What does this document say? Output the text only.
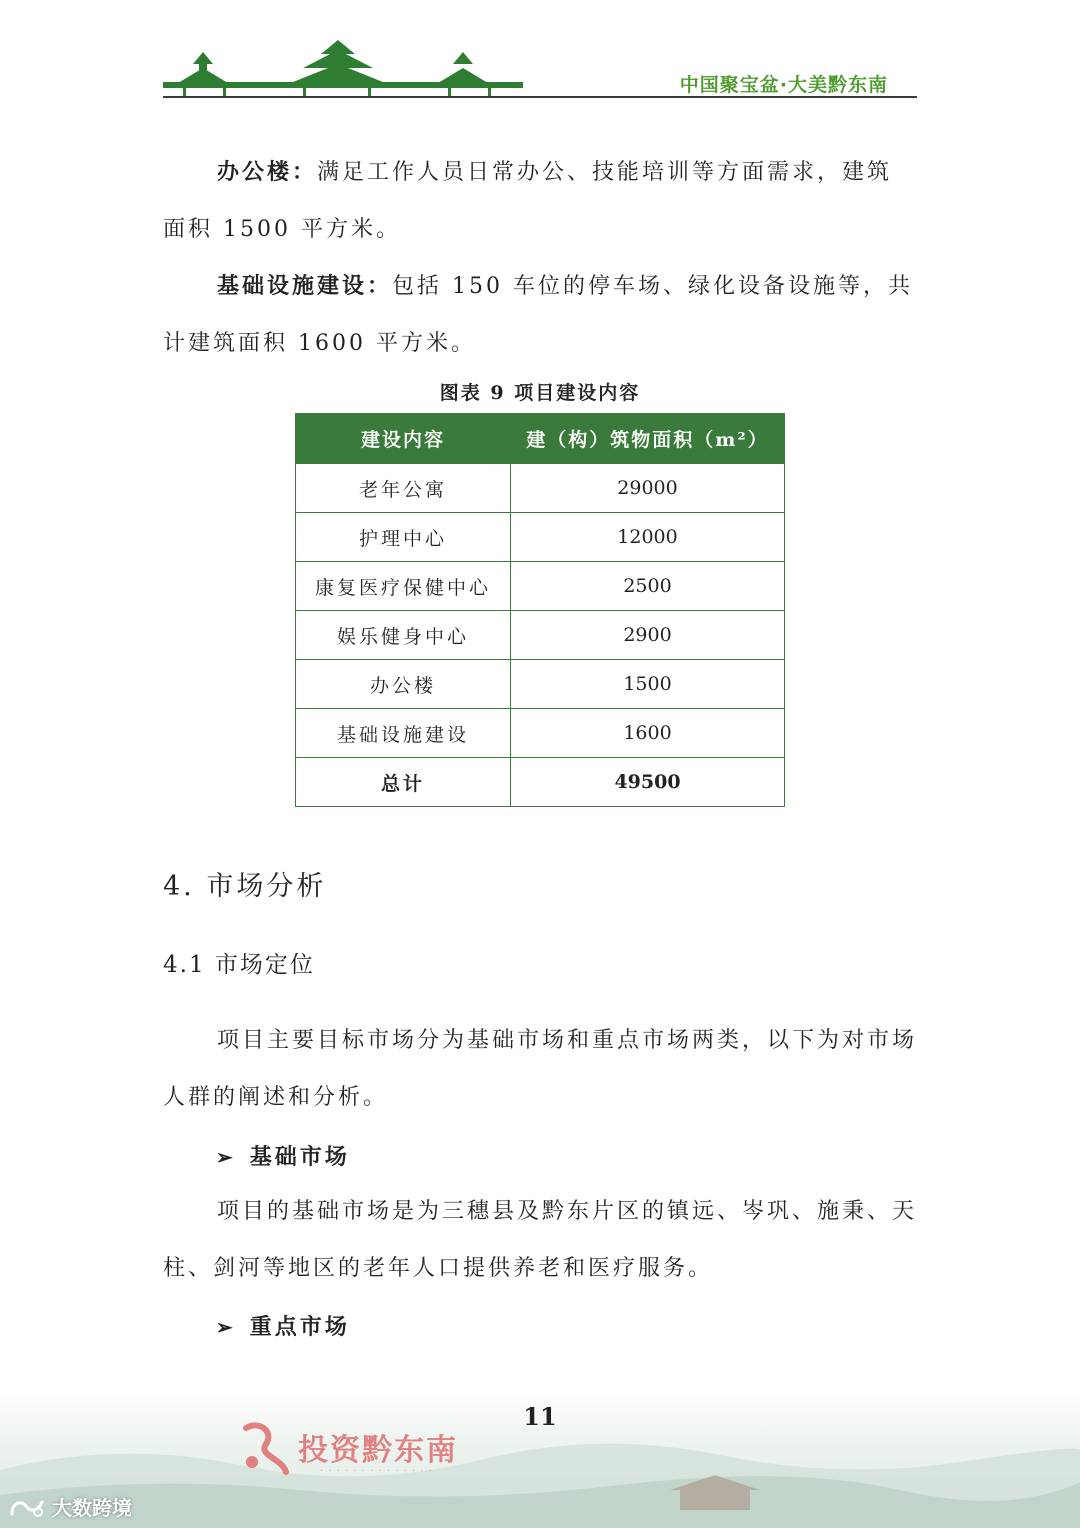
中国聚宝盆·大美黔东南
办公楼：满足工作人员日常办公、技能培训等方面需求，建筑面积 1500 平方米。
基础设施建设：包括 150 车位的停车场、绿化设备设施等，共计建筑面积 1600 平方米。
图表 9 项目建设内容
建设内容	建（构）筑物面积（m²）
老年公寓	29000
护理中心	12000
康复医疗保健中心	2500
娱乐健身中心	2900
办公楼	1500
基础设施建设	1600
总计	49500
4. 市场分析
4.1 市场定位
项目主要目标市场分为基础市场和重点市场两类，以下为对市场人群的阐述和分析。
➢ 基础市场
项目的基础市场是为三穗县及黔东片区的镇远、岑巩、施秉、天柱、剑河等地区的老年人口提供养老和医疗服务。
➢ 重点市场
11
投资黔东南
· · · · · · · · · · · · · ·
大数跨境
